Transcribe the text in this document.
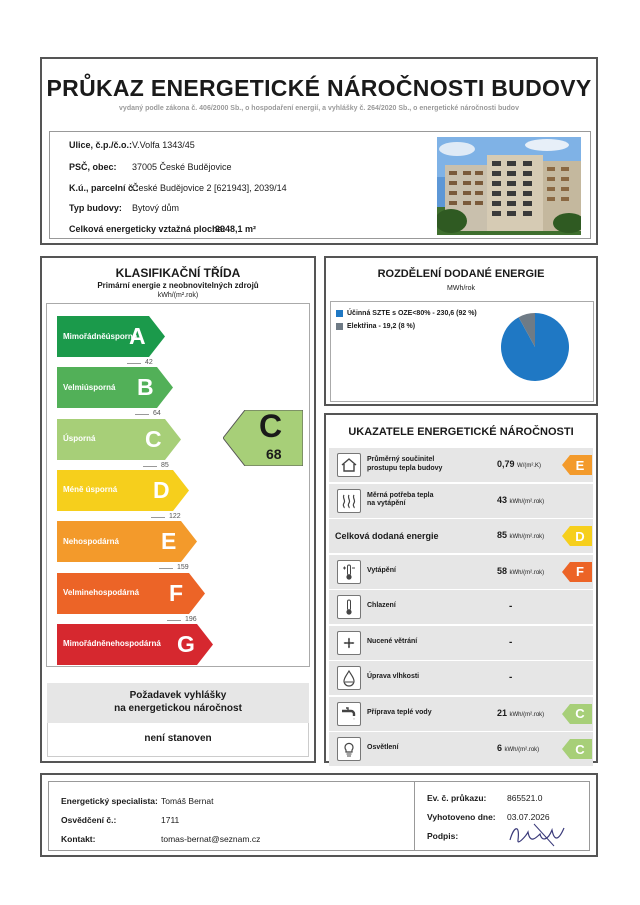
PRŮKAZ ENERGETICKÉ NÁROČNOSTI BUDOVY
vydaný podle zákona č. 406/2000 Sb., o hospodaření energií, a vyhlášky č. 264/2020 Sb., o energetické náročnosti budov
Ulice, č.p./č.o.: V.Volfa 1343/45
PSČ, obec: 37005 České Budějovice
K.ú., parcelní č.:
České Budějovice 2 [621943], 2039/14
Typ budovy: Bytový dům
Celková energeticky vztažná plocha:
2948,1 m²
KLASIFIKAČNÍ TŘÍDA
Primární energie z neobnovitelných zdrojů
kWh/(m².rok)
Mimořádně úsporná
A
42
Velmi úsporná B
64
Úsporná C
85
Méně úsporná D
122
Nehospodárná E
159
Velmi nehospodárná F
196
Mimořádně nehospodárná G
C
68
Požadavek vyhlášky
na energetickou náročnost
není stanoven
ROZDĚLENÍ DODANÉ ENERGIE
MWh/rok
Účinná SZTE s OZE<80% - 230,6 (92 %)
Elektřina - 19,2 (8 %)
UKAZATELE ENERGETICKÉ NÁROČNOSTI
Průměrný součinitel
prostupu tepla budovy	0,79 W/(m².K)	E
Měrná potřeba tepla
na vytápění	43 kWh/(m².rok)
Celková dodaná energie	85 kWh/(m².rok)	D
Vytápění	58 kWh/(m².rok)	F
Chlazení	-
Nucené větrání	-
Úprava vlhkosti	-
Příprava teplé vody	21 kWh/(m².rok)	C
Osvětlení	6 kWh/(m².rok)	C
Energetický specialista: Tomáš Bernat
Osvědčení č.:	1711
Kontakt:	tomas-bernat@seznam.cz
Ev. č. průkazu: 865521.0
Vyhotoveno dne: 03.07.2026
Podpis:
